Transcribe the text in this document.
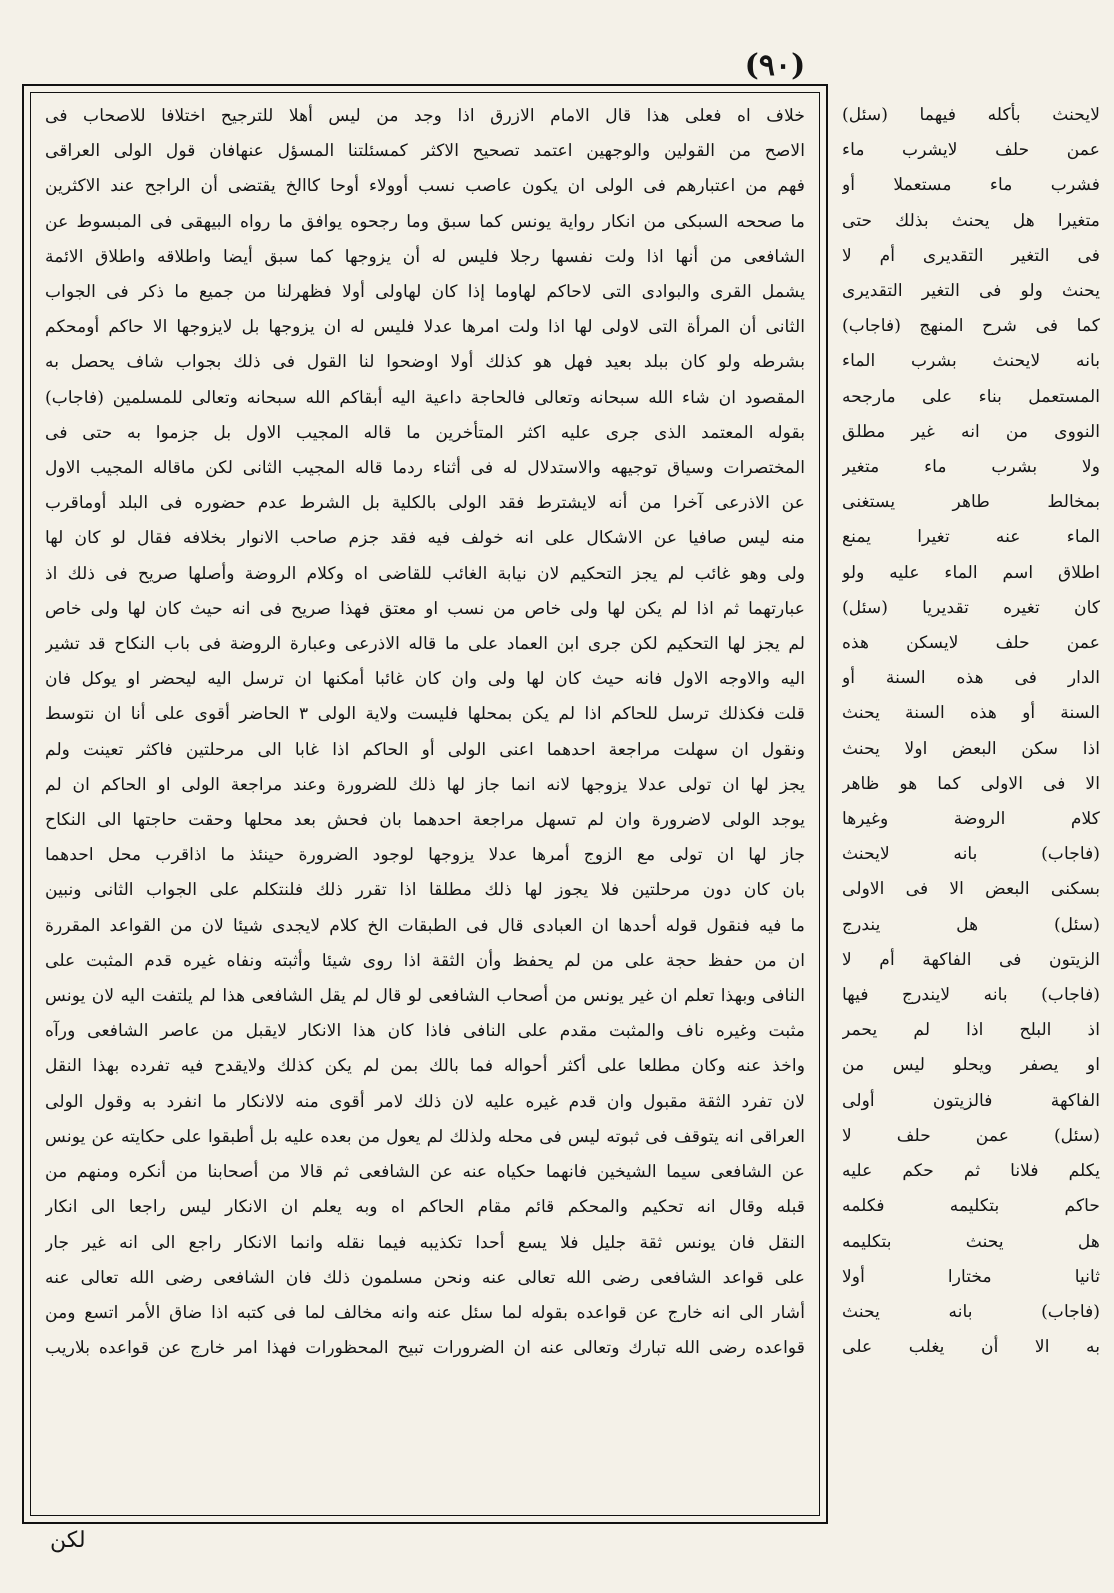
(٩٠)
خلاف اه فعلى هذا قال الامام الازرق اذا وجد من ليس أهلا للترجيح اختلافا للاصحاب فى
الاصح من القولين والوجهين اعتمد تصحيح الاكثر كمسئلتنا المسؤل عنهافان قول الولى العراقى
فهم من اعتبارهم فى الولى ان يكون عاصب نسب أوولاء أوحا كاالخ يقتضى أن الراجح عند الاكثرين
ما صححه السبكى من انكار رواية يونس كما سبق وما رجحوه يوافق ما رواه البيهقى فى المبسوط عن
الشافعى من أنها اذا ولت نفسها رجلا فليس له أن يزوجها كما سبق أيضا واطلاقه واطلاق الائمة
يشمل القرى والبوادى التى لاحاكم لهاوما إذا كان لهاولى أولا فظهرلنا من جميع ما ذكر فى الجواب
الثانى أن المرأة التى لاولى لها اذا ولت امرها عدلا فليس له ان يزوجها بل لايزوجها الا حاكم أومحكم
بشرطه ولو كان ببلد بعيد فهل هو كذلك أولا اوضحوا لنا القول فى ذلك بجواب شاف يحصل به
المقصود ان شاء الله سبحانه وتعالى فالحاجة داعية اليه أبقاكم الله سبحانه وتعالى للمسلمين (فاجاب)
بقوله المعتمد الذى جرى عليه اكثر المتأخرين ما قاله المجيب الاول بل جزموا به حتى فى
المختصرات وسياق توجيهه والاستدلال له فى أثناء ردما قاله المجيب الثانى لكن ماقاله المجيب الاول
عن الاذرعى آخرا من أنه لايشترط فقد الولى بالكلية بل الشرط عدم حضوره فى البلد أوماقرب
منه ليس صافيا عن الاشكال على انه خولف فيه فقد جزم صاحب الانوار بخلافه فقال لو كان لها
ولى وهو غائب لم يجز التحكيم لان نيابة الغائب للقاضى اه وكلام الروضة وأصلها صريح فى ذلك اذ
عبارتهما ثم اذا لم يكن لها ولى خاص من نسب او معتق فهذا صريح فى انه حيث كان لها ولى خاص
لم يجز لها التحكيم لكن جرى ابن العماد على ما قاله الاذرعى وعبارة الروضة فى باب النكاح قد تشير
اليه والاوجه الاول فانه حيث كان لها ولى وان كان غائبا أمكنها ان ترسل اليه ليحضر او يوكل فان
قلت فكذلك ترسل للحاكم اذا لم يكن بمحلها فليست ولاية الولى ٣ الحاضر أقوى على أنا ان نتوسط
ونقول ان سهلت مراجعة احدهما اعنى الولى أو الحاكم اذا غابا الى مرحلتين فاكثر تعينت ولم
يجز لها ان تولى عدلا يزوجها لانه انما جاز لها ذلك للضرورة وعند مراجعة الولى او الحاكم ان لم
يوجد الولى لاضرورة وان لم تسهل مراجعة احدهما بان فحش بعد محلها وحقت حاجتها الى النكاح
جاز لها ان تولى مع الزوج أمرها عدلا يزوجها لوجود الضرورة حينئذ ما اذاقرب محل احدهما
بان كان دون مرحلتين فلا يجوز لها ذلك مطلقا اذا تقرر ذلك فلنتكلم على الجواب الثانى ونبين
ما فيه فنقول قوله أحدها ان العبادى قال فى الطبقات الخ كلام لايجدى شيئا لان من القواعد المقررة
ان من حفظ حجة على من لم يحفظ وأن الثقة اذا روى شيئا وأثبته ونفاه غيره قدم المثبت على
النافى وبهذا تعلم ان غير يونس من أصحاب الشافعى لو قال لم يقل الشافعى هذا لم يلتفت اليه لان يونس
مثبت وغيره ناف والمثبت مقدم على النافى فاذا كان هذا الانكار لايقبل من عاصر الشافعى ورآه
واخذ عنه وكان مطلعا على أكثر أحواله فما بالك بمن لم يكن كذلك ولايقدح فيه تفرده بهذا النقل
لان تفرد الثقة مقبول وان قدم غيره عليه لان ذلك لامر أقوى منه لالانكار ما انفرد به وقول الولى
العراقى انه يتوقف فى ثبوته ليس فى محله ولذلك لم يعول من بعده عليه بل أطبقوا على حكايته عن يونس
عن الشافعى سيما الشيخين فانهما حكياه عنه عن الشافعى ثم قالا من أصحابنا من أنكره ومنهم من
قبله وقال انه تحكيم والمحكم قائم مقام الحاكم اه وبه يعلم ان الانكار ليس راجعا الى انكار
النقل فان يونس ثقة جليل فلا يسع أحدا تكذيبه فيما نقله وانما الانكار راجع الى انه غير جار
على قواعد الشافعى رضى الله تعالى عنه ونحن مسلمون ذلك فان الشافعى رضى الله تعالى عنه
أشار الى انه خارج عن قواعده بقوله لما سئل عنه وانه مخالف لما فى كتبه اذا ضاق الأمر اتسع ومن
قواعده رضى الله تبارك وتعالى عنه ان الضرورات تبيح المحظورات فهذا امر خارج عن قواعده بلاريب
لايحنث بأكله فيهما (سئل)
عمن حلف لايشرب ماء
فشرب ماء مستعملا أو
متغيرا هل يحنث بذلك حتى
فى التغير التقديرى أم لا
يحنث ولو فى التغير التقديرى
كما فى شرح المنهج (فاجاب)
بانه لايحنث بشرب الماء
المستعمل بناء على مارجحه
النووى من انه غير مطلق
ولا بشرب ماء متغير
بمخالط طاهر يستغنى
الماء عنه تغيرا يمنع
اطلاق اسم الماء عليه ولو
كان تغيره تقديريا (سئل)
عمن حلف لايسكن هذه
الدار فى هذه السنة أو
السنة أو هذه السنة يحنث
اذا سكن البعض اولا يحنث
الا فى الاولى كما هو ظاهر
كلام الروضة وغيرها
(فاجاب) بانه لايحنث
بسكنى البعض الا فى الاولى
(سئل) هل يندرج
الزيتون فى الفاكهة أم لا
(فاجاب) بانه لايندرج فيها
اذ البلح اذا لم يحمر
او يصفر ويحلو ليس من
الفاكهة فالزيتون أولى
(سئل) عمن حلف لا
يكلم فلانا ثم حكم عليه
حاكم بتكليمه فكلمه
هل يحنث بتكليمه
ثانيا مختارا أولا
(فاجاب) بانه يحنث
به الا أن يغلب على
لكن
